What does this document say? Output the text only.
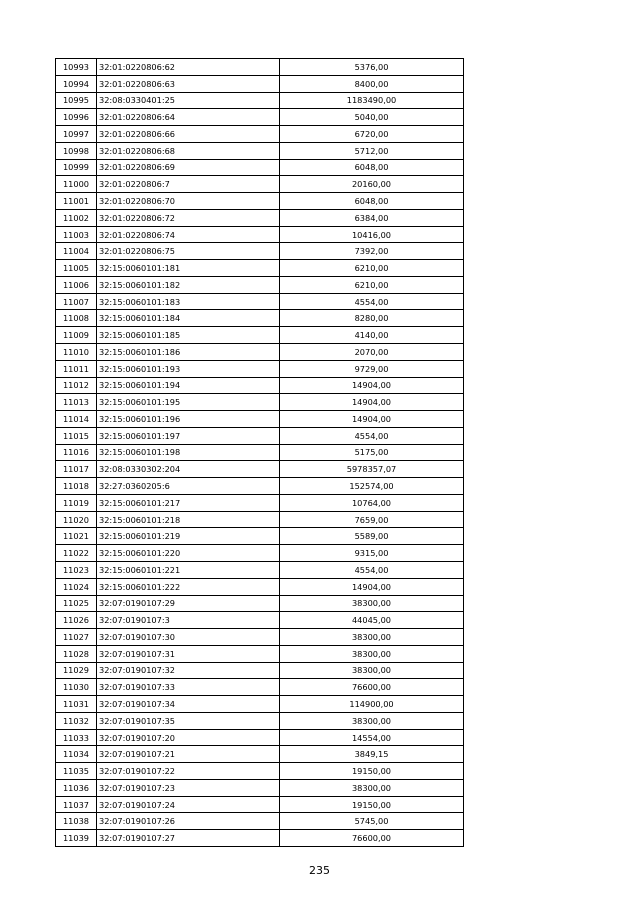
10993	32:01:0220806:62	5376,00
10994	32:01:0220806:63	8400,00
10995	32:08:0330401:25	1183490,00
10996	32:01:0220806:64	5040,00
10997	32:01:0220806:66	6720,00
10998	32:01:0220806:68	5712,00
10999	32:01:0220806:69	6048,00
11000	32:01:0220806:7	20160,00
11001	32:01:0220806:70	6048,00
11002	32:01:0220806:72	6384,00
11003	32:01:0220806:74	10416,00
11004	32:01:0220806:75	7392,00
11005	32:15:0060101:181	6210,00
11006	32:15:0060101:182	6210,00
11007	32:15:0060101:183	4554,00
11008	32:15:0060101:184	8280,00
11009	32:15:0060101:185	4140,00
11010	32:15:0060101:186	2070,00
11011	32:15:0060101:193	9729,00
11012	32:15:0060101:194	14904,00
11013	32:15:0060101:195	14904,00
11014	32:15:0060101:196	14904,00
11015	32:15:0060101:197	4554,00
11016	32:15:0060101:198	5175,00
11017	32:08:0330302:204	5978357,07
11018	32:27:0360205:6	152574,00
11019	32:15:0060101:217	10764,00
11020	32:15:0060101:218	7659,00
11021	32:15:0060101:219	5589,00
11022	32:15:0060101:220	9315,00
11023	32:15:0060101:221	4554,00
11024	32:15:0060101:222	14904,00
11025	32:07:0190107:29	38300,00
11026	32:07:0190107:3	44045,00
11027	32:07:0190107:30	38300,00
11028	32:07:0190107:31	38300,00
11029	32:07:0190107:32	38300,00
11030	32:07:0190107:33	76600,00
11031	32:07:0190107:34	114900,00
11032	32:07:0190107:35	38300,00
11033	32:07:0190107:20	14554,00
11034	32:07:0190107:21	3849,15
11035	32:07:0190107:22	19150,00
11036	32:07:0190107:23	38300,00
11037	32:07:0190107:24	19150,00
11038	32:07:0190107:26	5745,00
11039	32:07:0190107:27	76600,00
235
